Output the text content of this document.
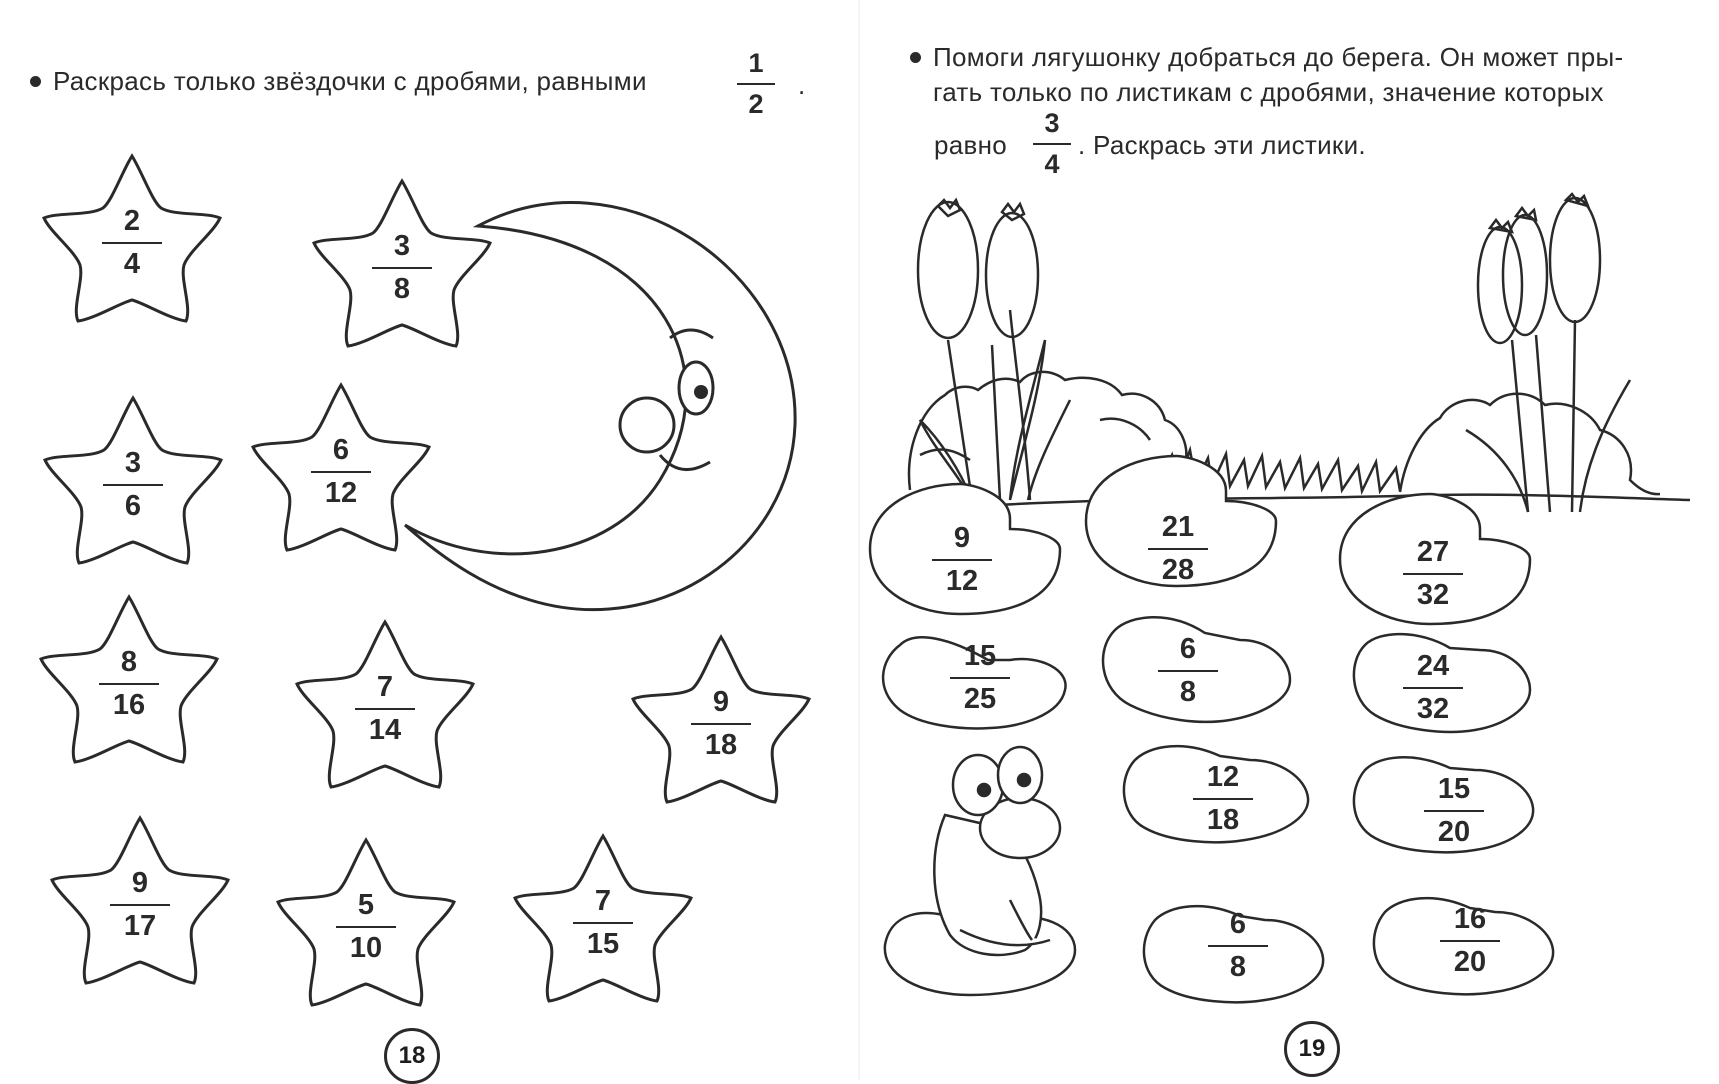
Раскрась только звёздочки с дробями, равными
1
2
.
2
4
3
8
3
6
6
12
8
16
7
14
9
18
9
17
5
10
7
15
18
Помоги лягушонку добраться до берега. Он может пры-
гать только по листикам с дробями, значение которых
равно
3
4
. Раскрась эти листики.
9
12
21
28
27
32
15
25
6
8
24
32
12
18
15
20
6
8
16
20
19
